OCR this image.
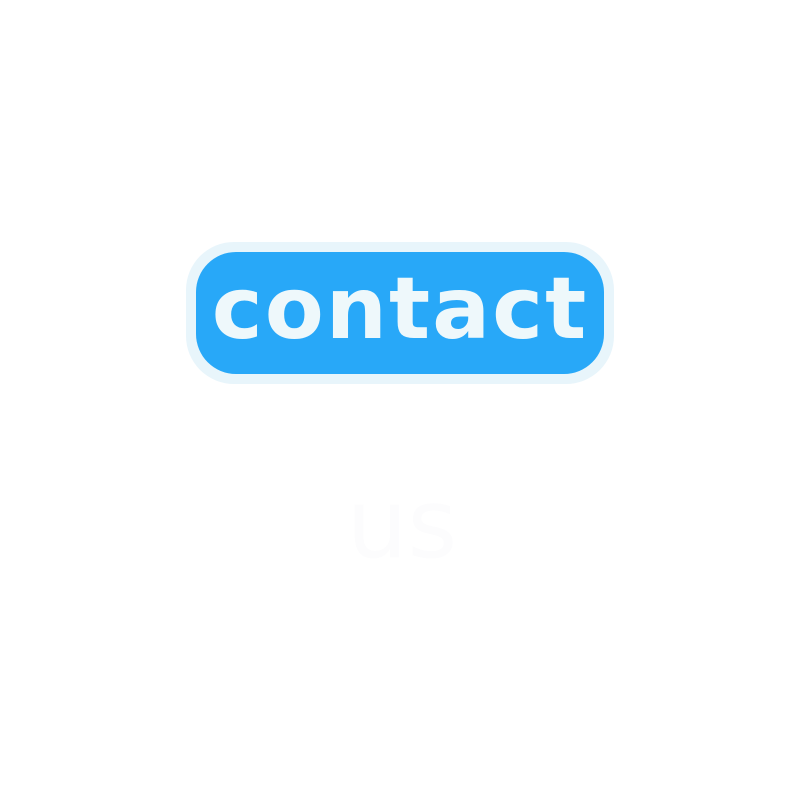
contact
us
